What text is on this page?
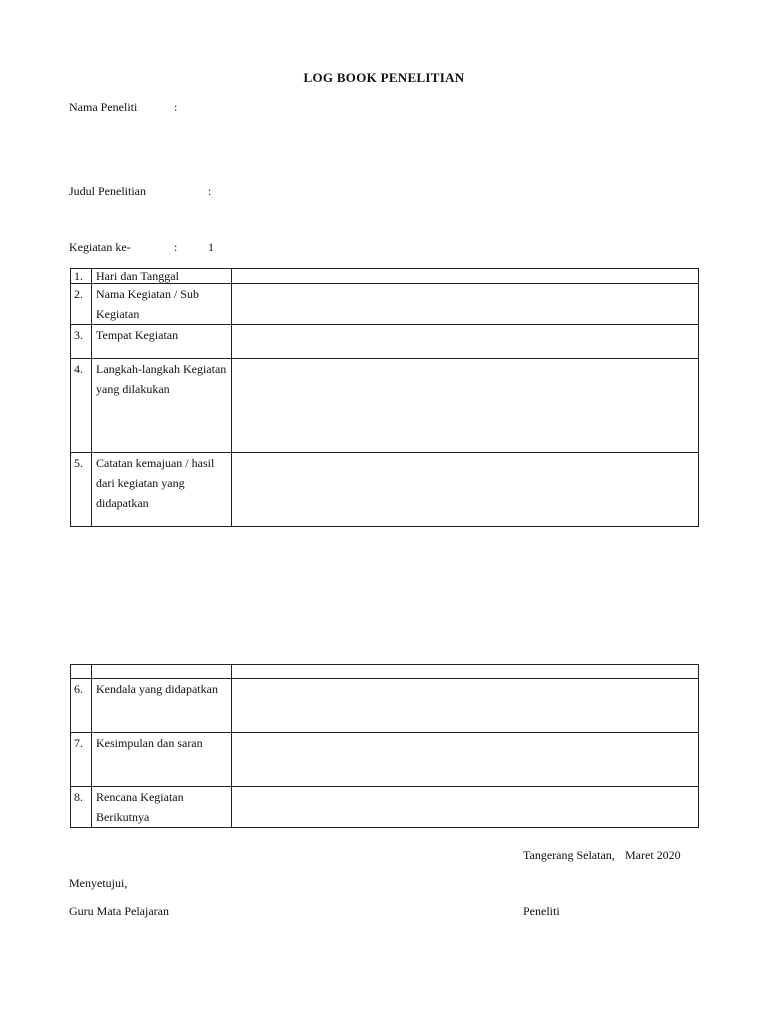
LOG BOOK PENELITIAN
Nama Peneliti	:
Judul Penelitian	:
Kegiatan ke-	:	1
1.	Hari dan Tanggal	
2.	Nama Kegiatan / Sub Kegiatan	
3.	Tempat Kegiatan	
4.	Langkah-langkah Kegiatan yang dilakukan	
5.	Catatan kemajuan / hasil dari kegiatan yang didapatkan	

6.	Kendala yang didapatkan	
7.	Kesimpulan dan saran	
8.	Rencana Kegiatan Berikutnya	
Tangerang Selatan, Maret 2020
Menyetujui,
Guru Mata Pelajaran	Peneliti
